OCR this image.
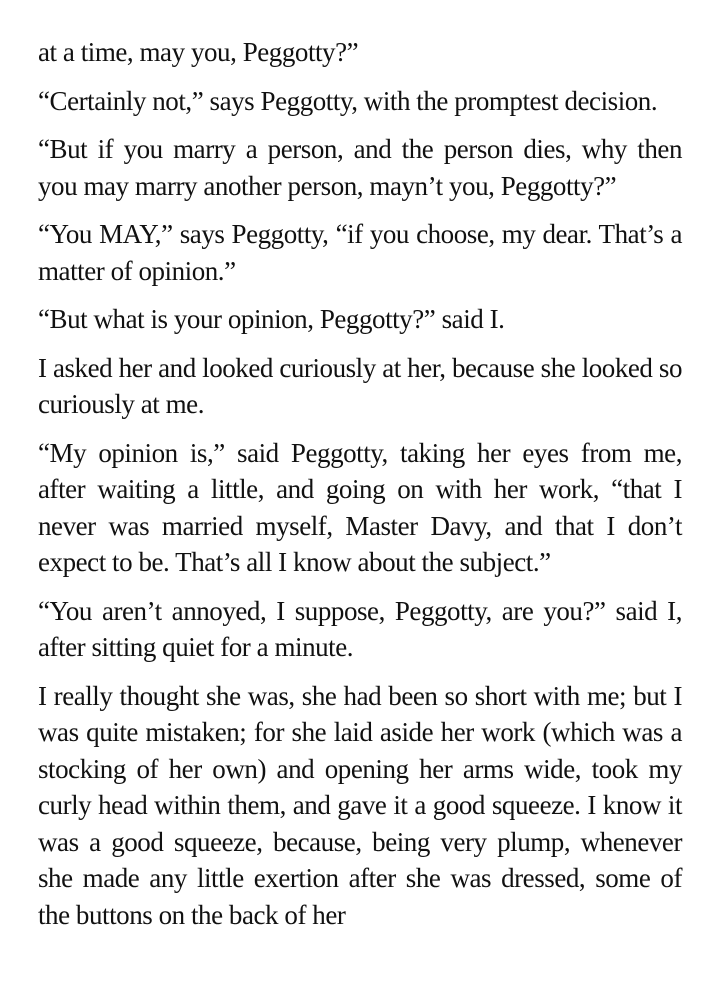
at a time, may you, Peggotty?”

“Certainly not,” says Peggotty, with the promptest decision.

“But if you marry a person, and the person dies, why then you may marry another person, mayn’t you, Peggotty?”

“You MAY,” says Peggotty, “if you choose, my dear. That’s a matter of opinion.”

“But what is your opinion, Peggotty?” said I.

I asked her and looked curiously at her, because she looked so curiously at me.

“My opinion is,” said Peggotty, taking her eyes from me, after waiting a little, and going on with her work, “that I never was married myself, Master Davy, and that I don’t expect to be. That’s all I know about the subject.”

“You aren’t annoyed, I suppose, Peggotty, are you?” said I, after sitting quiet for a minute.

I really thought she was, she had been so short with me; but I was quite mistaken; for she laid aside her work (which was a stocking of her own) and opening her arms wide, took my curly head within them, and gave it a good squeeze. I know it was a good squeeze, because, being very plump, whenever she made any little exertion after she was dressed, some of the buttons on the back of her
